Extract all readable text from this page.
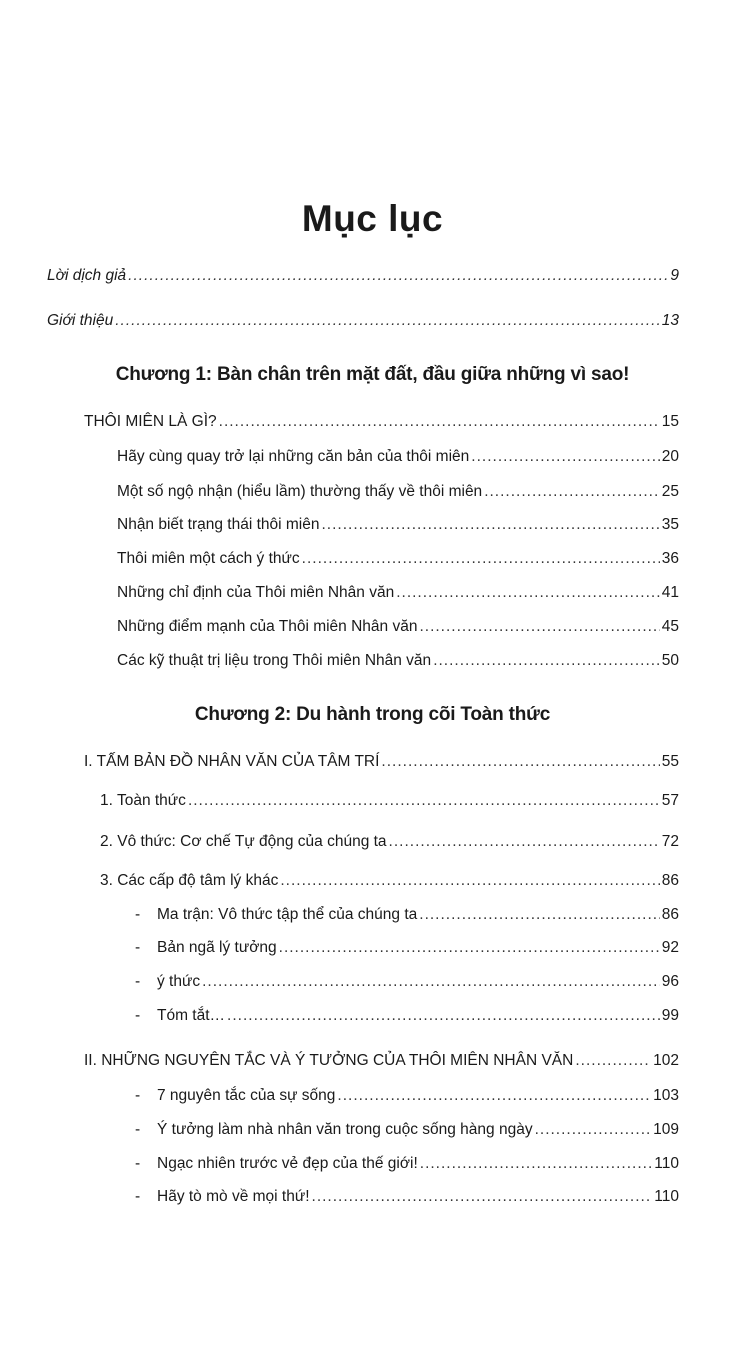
Mục lục
Lời dịch giả .....	9
Giới thiệu .....	13
Chương 1: Bàn chân trên mặt đất, đầu giữa những vì sao!
THÔI MIÊN LÀ GÌ? .....	15
Hãy cùng quay trở lại những căn bản của thôi miên .....	20
Một số ngộ nhận (hiểu lầm) thường thấy về thôi miên .....	25
Nhận biết trạng thái thôi miên .....	35
Thôi miên một cách ý thức .....	36
Những chỉ định của Thôi miên Nhân văn .....	41
Những điểm mạnh của Thôi miên Nhân văn .....	45
Các kỹ thuật trị liệu trong Thôi miên Nhân văn .....	50
Chương 2: Du hành trong cõi Toàn thức
I. TẤM BẢN ĐỒ NHÂN VĂN CỦA TÂM TRÍ .....	55
1. Toàn thức .....	57
2. Vô thức: Cơ chế Tự động của chúng ta .....	72
3. Các cấp độ tâm lý khác .....	86
-	Ma trận: Vô thức tập thể của chúng ta .....	86
-	Bản ngã lý tưởng .....	92
-	ý thức .....	96
-	Tóm tắt… .....	99
II. NHỮNG NGUYÊN TẮC VÀ Ý TƯỞNG CỦA THÔI MIÊN NHÂN VĂN .....	102
-	7 nguyên tắc của sự sống .....	103
-	Ý tưởng làm nhà nhân văn trong cuộc sống hàng ngày .....	109
-	Ngạc nhiên trước vẻ đẹp của thế giới! .....	110
-	Hãy tò mò về mọi thứ! .....	110
